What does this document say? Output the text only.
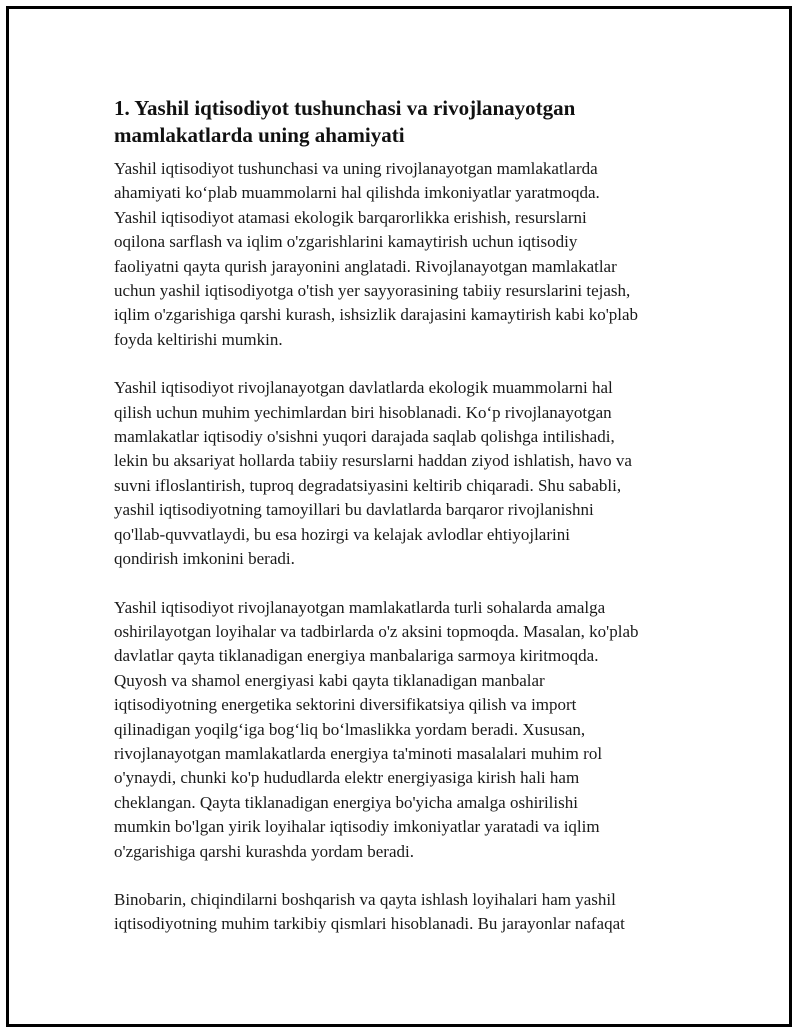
1. Yashil iqtisodiyot tushunchasi va rivojlanayotgan
mamlakatlarda uning ahamiyati

Yashil iqtisodiyot tushunchasi va uning rivojlanayotgan mamlakatlarda
ahamiyati ko‘plab muammolarni hal qilishda imkoniyatlar yaratmoqda.
Yashil iqtisodiyot atamasi ekologik barqarorlikka erishish, resurslarni
oqilona sarflash va iqlim o'zgarishlarini kamaytirish uchun iqtisodiy
faoliyatni qayta qurish jarayonini anglatadi. Rivojlanayotgan mamlakatlar
uchun yashil iqtisodiyotga o'tish yer sayyorasining tabiiy resurslarini tejash,
iqlim o'zgarishiga qarshi kurash, ishsizlik darajasini kamaytirish kabi ko'plab
foyda keltirishi mumkin.

Yashil iqtisodiyot rivojlanayotgan davlatlarda ekologik muammolarni hal
qilish uchun muhim yechimlardan biri hisoblanadi. Ko‘p rivojlanayotgan
mamlakatlar iqtisodiy o'sishni yuqori darajada saqlab qolishga intilishadi,
lekin bu aksariyat hollarda tabiiy resurslarni haddan ziyod ishlatish, havo va
suvni ifloslantirish, tuproq degradatsiyasini keltirib chiqaradi. Shu sababli,
yashil iqtisodiyotning tamoyillari bu davlatlarda barqaror rivojlanishni
qo'llab-quvvatlaydi, bu esa hozirgi va kelajak avlodlar ehtiyojlarini
qondirish imkonini beradi.

Yashil iqtisodiyot rivojlanayotgan mamlakatlarda turli sohalarda amalga
oshirilayotgan loyihalar va tadbirlarda o'z aksini topmoqda. Masalan, ko'plab
davlatlar qayta tiklanadigan energiya manbalariga sarmoya kiritmoqda.
Quyosh va shamol energiyasi kabi qayta tiklanadigan manbalar
iqtisodiyotning energetika sektorini diversifikatsiya qilish va import
qilinadigan yoqilg‘iga bog‘liq bo‘lmaslikka yordam beradi. Xususan,
rivojlanayotgan mamlakatlarda energiya ta'minoti masalalari muhim rol
o'ynaydi, chunki ko'p hududlarda elektr energiyasiga kirish hali ham
cheklangan. Qayta tiklanadigan energiya bo'yicha amalga oshirilishi
mumkin bo'lgan yirik loyihalar iqtisodiy imkoniyatlar yaratadi va iqlim
o'zgarishiga qarshi kurashda yordam beradi.

Binobarin, chiqindilarni boshqarish va qayta ishlash loyihalari ham yashil
iqtisodiyotning muhim tarkibiy qismlari hisoblanadi. Bu jarayonlar nafaqat
